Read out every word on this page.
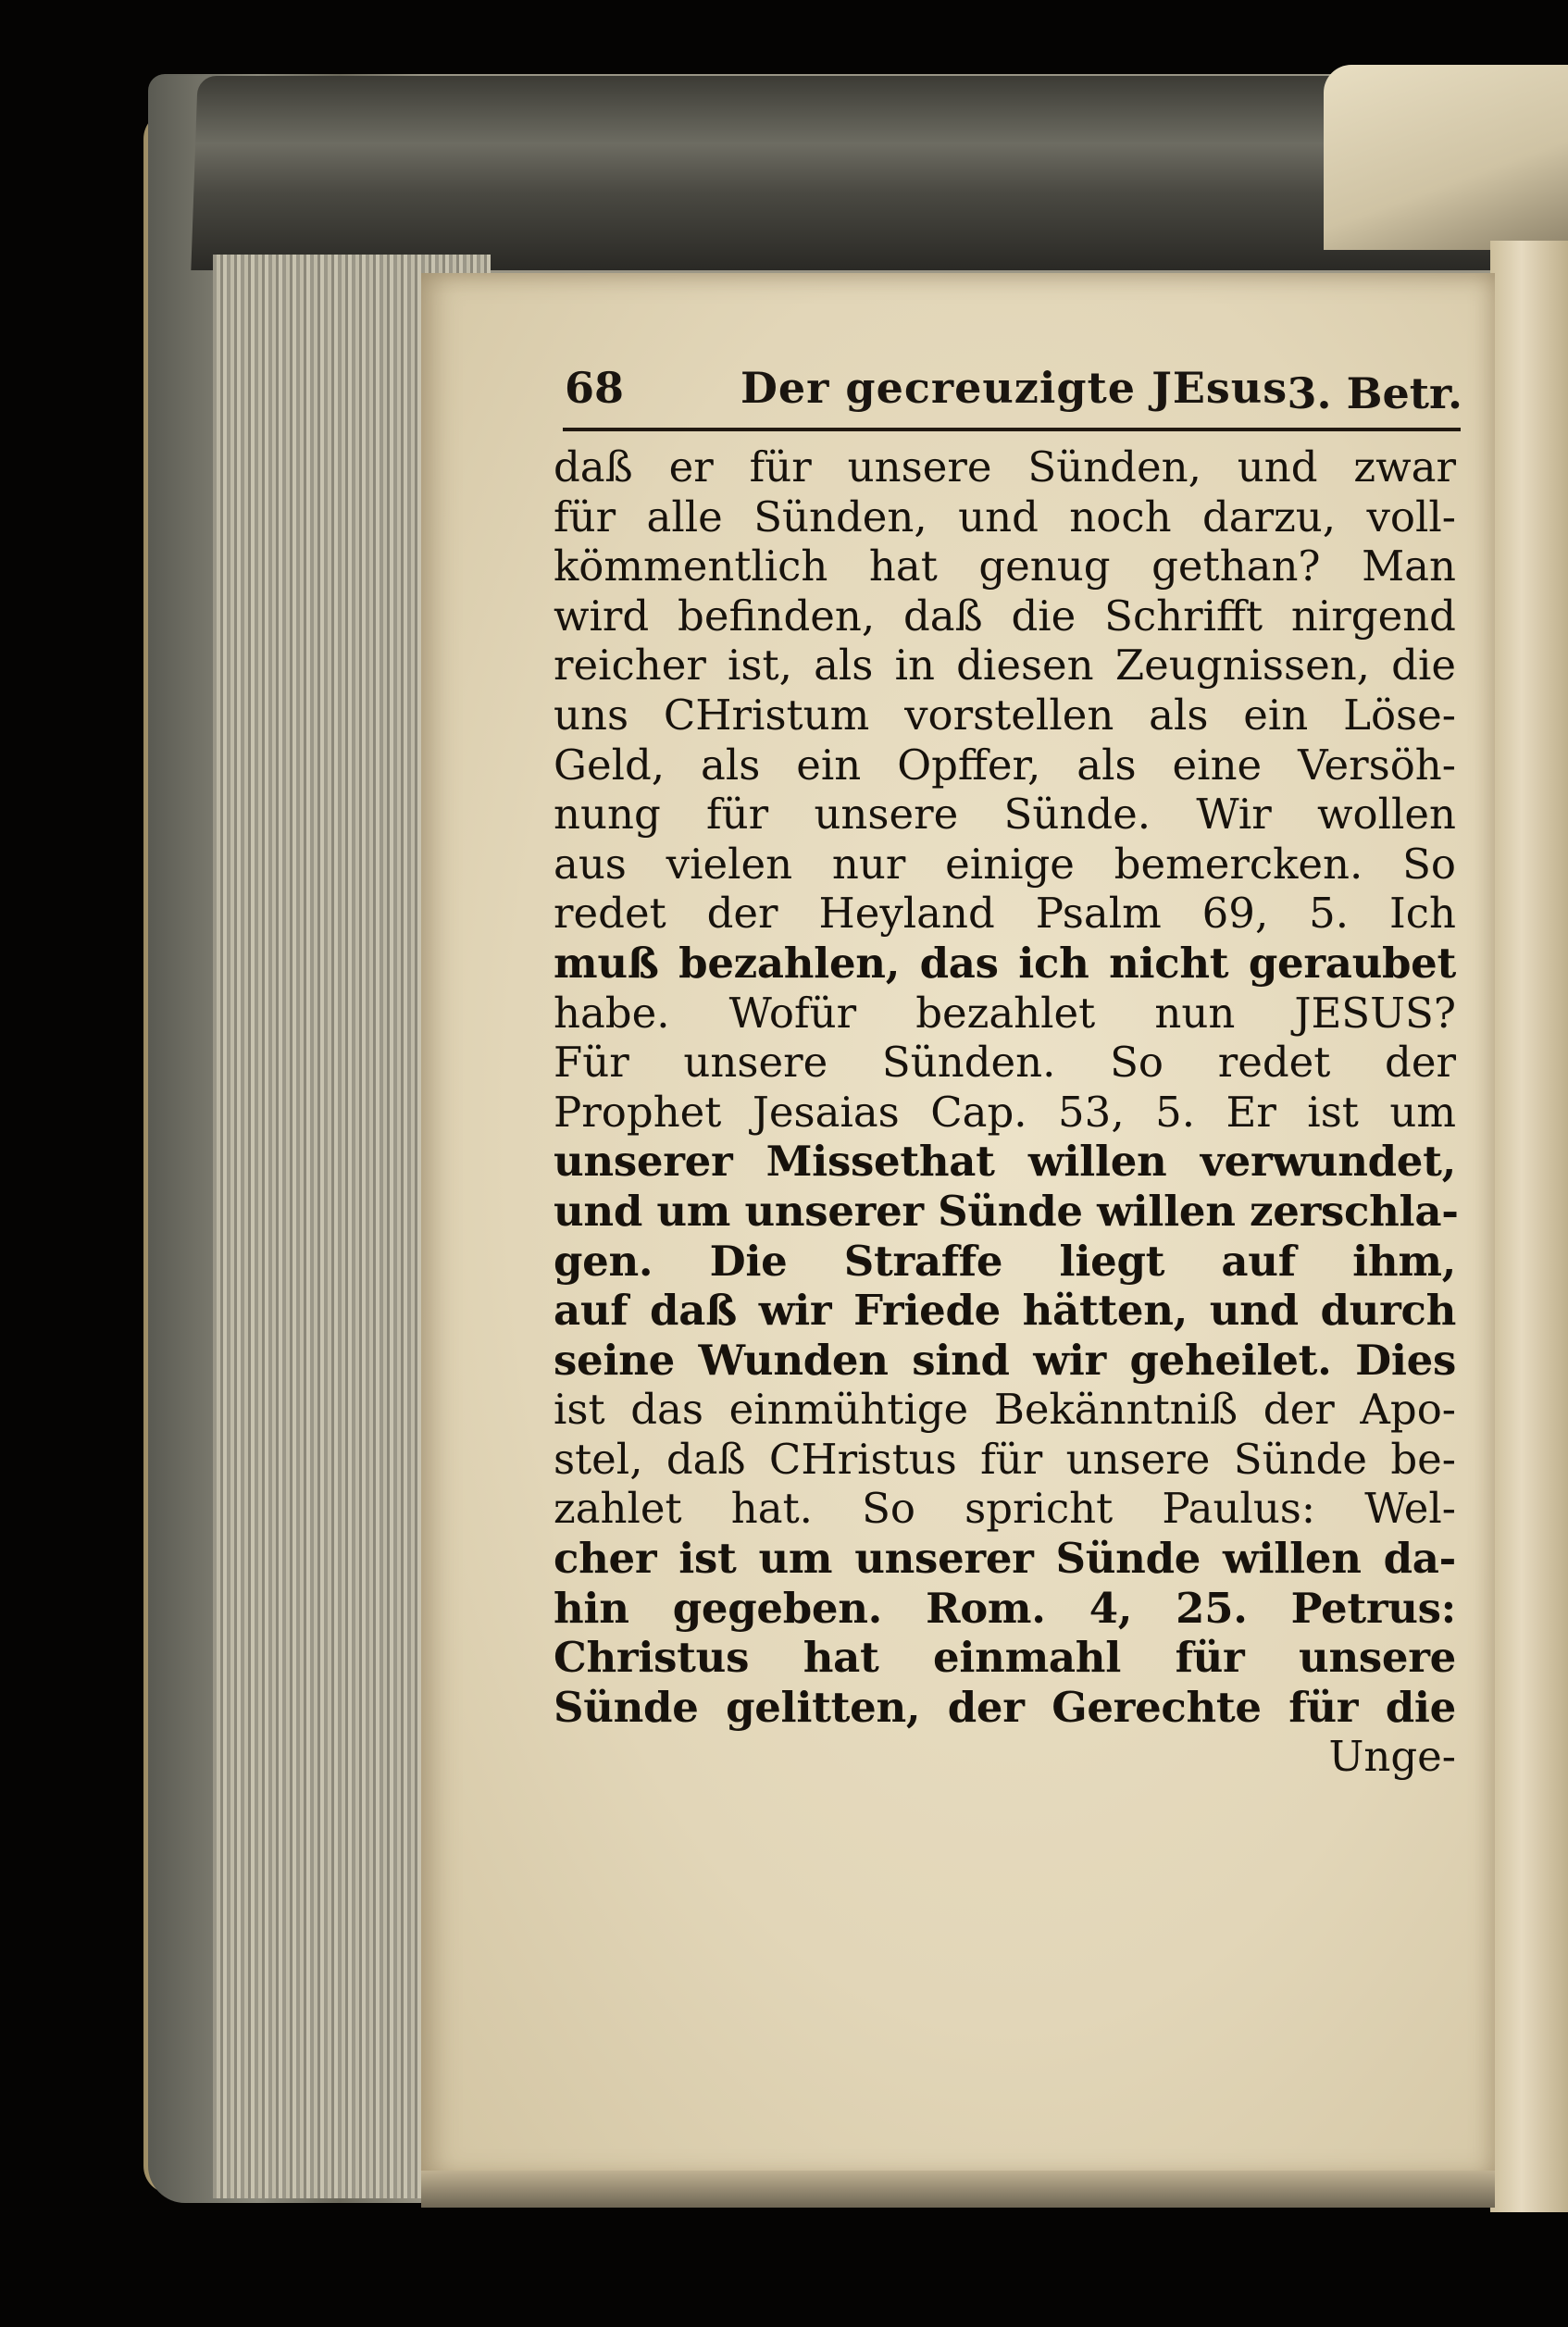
68	Der gecreuzigte JEsus 3. Betr.
daß er für unsere Sünden, und zwar
für alle Sünden, und noch darzu, voll-
kömmentlich hat genug gethan? Man
wird befinden, daß die Schrifft nirgend
reicher ist, als in diesen Zeugnissen, die
uns CHristum vorstellen als ein Löse-
Geld, als ein Opffer, als eine Versöh-
nung für unsere Sünde. Wir wollen
aus vielen nur einige bemercken. So
redet der Heyland Psalm 69, 5. Ich
muß bezahlen, das ich nicht geraubet
habe. Wofür bezahlet nun JESUS?
Für unsere Sünden. So redet der
Prophet Jesaias Cap. 53, 5. Er ist um
unserer Missethat willen verwundet,
und um unserer Sünde willen zerschla-
gen. Die Straffe liegt auf ihm,
auf daß wir Friede hätten, und durch
seine Wunden sind wir geheilet. Dies
ist das einmühtige Bekänntniß der Apo-
stel, daß CHristus für unsere Sünde be-
zahlet hat. So spricht Paulus: Wel-
cher ist um unserer Sünde willen da-
hin gegeben. Rom. 4, 25. Petrus:
Christus hat einmahl für unsere
Sünde gelitten, der Gerechte für die
Unge-
